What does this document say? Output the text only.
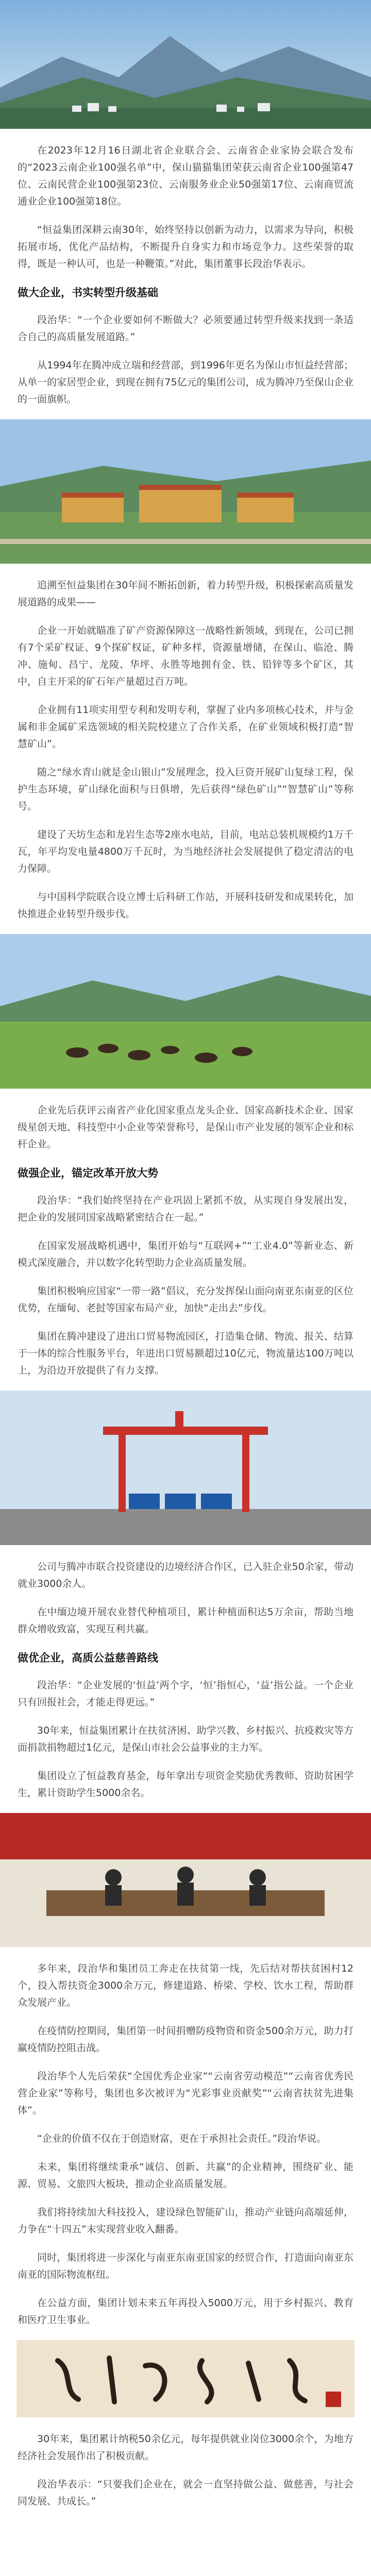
在2023年12月16日湖北省企业联合会、云南省企业家协会联合发布的“2023云南企业100强名单”中，保山猫猫集团荣获云南省企业100强第47位、云南民营企业100强第23位、云南服务业企业50强第17位、云南商贸流通业企业100强第18位。

“恒益集团深耕云南30年，始终坚持以创新为动力，以需求为导向，积极拓展市场，优化产品结构，不断提升自身实力和市场竞争力。这些荣誉的取得，既是一种认可，也是一种鞭策。”对此，集团董事长段治华表示。

做大企业，书实转型升级基础

段治华：“一个企业要如何不断做大？必须要通过转型升级来找到一条适合自己的高质量发展道路。”

从1994年在腾冲成立瑞和经营部，到1996年更名为保山市恒益经营部；从单一的家居型企业，到现在拥有75亿元的集团公司，成为腾冲乃至保山企业的一面旗帜。

追溯至恒益集团在30年间不断拓创新，着力转型升级，积极探索高质量发展道路的成果——

企业一开始就瞄准了矿产资源保障这一战略性新领域，到现在，公司已拥有7个采矿权证、9个探矿权证，矿种多样，资源量增储，在保山、临沧、腾冲、施甸、昌宁、龙陵、华坪、永胜等地拥有金、铁、铅锌等多个矿区，其中，自主开采的矿石年产量超过百万吨。

企业拥有11项实用型专利和发明专利，掌握了业内多项核心技术，并与金属和非金属矿采选领域的相关院校建立了合作关系，在矿业领域积极打造“智慧矿山”。

随之“绿水青山就是金山银山”发展理念，投入巨资开展矿山复绿工程，保护生态环境，矿山绿化面积与日俱增，先后获得“绿色矿山”“智慧矿山”等称号。

建设了天坊生态和龙岩生态等2座水电站，目前，电站总装机规模约1万千瓦，年平均发电量4800万千瓦时，为当地经济社会发展提供了稳定清洁的电力保障。

与中国科学院联合设立博士后科研工作站，开展科技研发和成果转化，加快推进企业转型升级步伐。

企业先后获评云南省产业化国家重点龙头企业、国家高新技术企业、国家级星创天地、科技型中小企业等荣誉称号，是保山市产业发展的领军企业和标杆企业。

做强企业，锚定改革开放大势

段治华：“我们始终坚持在产业巩固上紧抓不放，从实现自身发展出发，把企业的发展同国家战略紧密结合在一起。”

在国家发展战略机遇中，集团开始与“互联网+”“工业4.0”等新业态、新模式深度融合，并以数字化转型助力企业高质量发展。

集团积极响应国家“一带一路”倡议，充分发挥保山面向南亚东南亚的区位优势，在缅甸、老挝等国家布局产业，加快“走出去”步伐。

集团在腾冲建设了进出口贸易物流园区，打造集仓储、物流、报关、结算于一体的综合性服务平台，年进出口贸易额超过10亿元，物流量达100万吨以上，为沿边开放提供了有力支撑。

公司与腾冲市联合投资建设的边境经济合作区，已入驻企业50余家，带动就业3000余人。

在中缅边境开展农业替代种植项目，累计种植面积达5万余亩，帮助当地群众增收致富，实现互利共赢。

做优企业，高质公益慈善路线

段治华：“企业发展的‘恒益’两个字，‘恒’指恒心，‘益’指公益。一个企业只有回报社会，才能走得更远。”

30年来，恒益集团累计在扶贫济困、助学兴教、乡村振兴、抗疫救灾等方面捐款捐物超过1亿元，是保山市社会公益事业的主力军。

集团设立了恒益教育基金，每年拿出专项资金奖励优秀教师、资助贫困学生，累计资助学生5000余名。

多年来，段治华和集团员工奔走在扶贫第一线，先后结对帮扶贫困村12个，投入帮扶资金3000余万元，修建道路、桥梁、学校、饮水工程，帮助群众发展产业。

在疫情防控期间，集团第一时间捐赠防疫物资和资金500余万元，助力打赢疫情防控阻击战。

段治华个人先后荣获“全国优秀企业家”“云南省劳动模范”“云南省优秀民营企业家”等称号，集团也多次被评为“光彩事业贡献奖”“云南省扶贫先进集体”。

“企业的价值不仅在于创造财富，更在于承担社会责任。”段治华说。

未来，集团将继续秉承“诚信、创新、共赢”的企业精神，围绕矿业、能源、贸易、文旅四大板块，推动企业高质量发展。

我们将持续加大科技投入，建设绿色智能矿山，推动产业链向高端延伸，力争在“十四五”末实现营业收入翻番。

同时，集团将进一步深化与南亚东南亚国家的经贸合作，打造面向南亚东南亚的国际物流枢纽。

在公益方面，集团计划未来五年再投入5000万元，用于乡村振兴、教育和医疗卫生事业。

30年来，集团累计纳税50余亿元，每年提供就业岗位3000余个，为地方经济社会发展作出了积极贡献。

段治华表示：“只要我们企业在，就会一直坚持做公益、做慈善，与社会同发展、共成长。”
